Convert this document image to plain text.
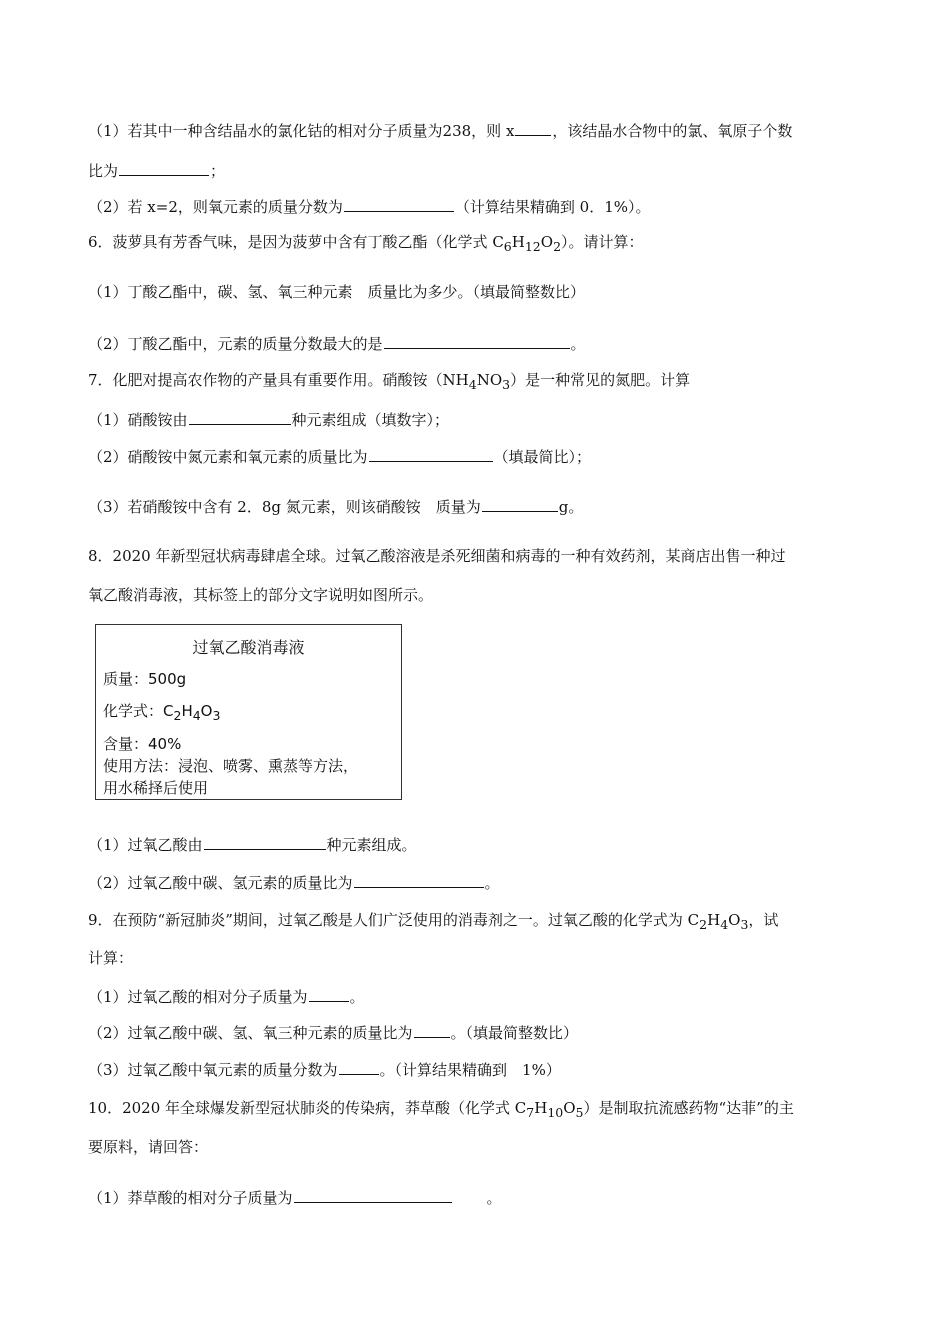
（1）若其中一种含结晶水的氯化钴的相对分子质量为238，则 x	，该结晶水合物中的氯、氧原子个数
比为	；
（2）若 x=2，则氧元素的质量分数为	（计算结果精确到 0．1%）。
6．菠萝具有芳香气味，是因为菠萝中含有丁酸乙酯（化学式 $C_6H_{12}O_2$）。请计算：
（1）丁酸乙酯中，碳、氢、氧三种元素　质量比为多少。（填最简整数比）
（2）丁酸乙酯中，元素的质量分数最大的是	。
7．化肥对提高农作物的产量具有重要作用。硝酸铵$(NH_4NO_3)$是一种常见的氮肥。计算
（1）硝酸铵由	种元素组成（填数字）；
（2）硝酸铵中氮元素和氧元素的质量比为	（填最简比）；
（3）若硝酸铵中含有 2．8g 氮元素，则该硝酸铵　质量为	g。
8．2020 年新型冠状病毒肆虐全球。过氧乙酸溶液是杀死细菌和病毒的一种有效药剂，某商店出售一种过
氧乙酸消毒液，其标签上的部分文字说明如图所示。
过氧乙酸消毒液
质量：500g
化学式：$C_2H_4O_3$
含量：40%
使用方法：浸泡、喷雾、熏蒸等方法，
用水稀择后使用
（1）过氧乙酸由	种元素组成。
（2）过氧乙酸中碳、氢元素的质量比为	。
9．在预防“新冠肺炎”期间，过氧乙酸是人们广泛使用的消毒剂之一。过氧乙酸的化学式为 $C_2H_4O_3$，试
计算：
（1）过氧乙酸的相对分子质量为	。
（2）过氧乙酸中碳、氢、氧三种元素的质量比为	。（填最简整数比）
（3）过氧乙酸中氧元素的质量分数为	。（计算结果精确到　1%）
10．2020 年全球爆发新型冠状肺炎的传染病，莽草酸（化学式 $C_7H_{10}O_5$）是制取抗流感药物“达菲”的主
要原料，请回答：
（1）莽草酸的相对分子质量为	。
